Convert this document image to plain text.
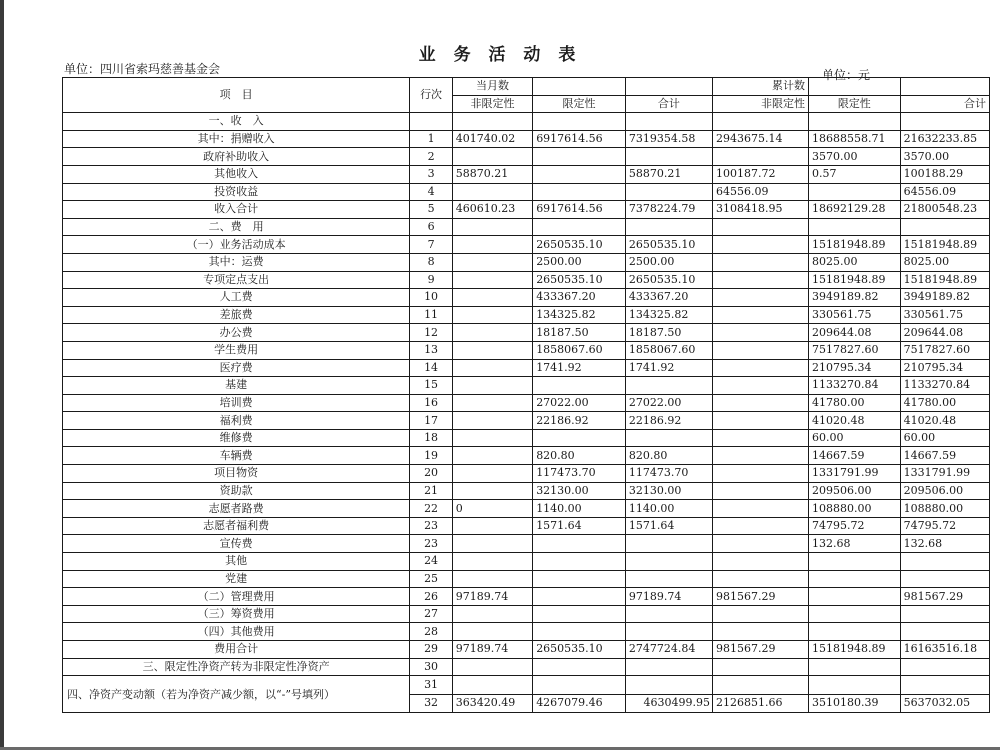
业 务 活 动 表
单位：四川省索玛慈善基金会	单位：元
项　目	行次	当月数			累计数		
		非限定性	限定性	合计	非限定性	限定性	合计
一、收　入							
其中：捐赠收入	1	401740.02	6917614.56	7319354.58	2943675.14	18688558.71	21632233.85
政府补助收入	2					3570.00	3570.00
其他收入	3	58870.21		58870.21	100187.72	0.57	100188.29
投资收益	4				64556.09		64556.09
收入合计	5	460610.23	6917614.56	7378224.79	3108418.95	18692129.28	21800548.23
二、费　用	6						
（一）业务活动成本	7		2650535.10	2650535.10		15181948.89	15181948.89
其中：运费	8		2500.00	2500.00		8025.00	8025.00
专项定点支出	9		2650535.10	2650535.10		15181948.89	15181948.89
人工费	10		433367.20	433367.20		3949189.82	3949189.82
差旅费	11		134325.82	134325.82		330561.75	330561.75
办公费	12		18187.50	18187.50		209644.08	209644.08
学生费用	13		1858067.60	1858067.60		7517827.60	7517827.60
医疗费	14		1741.92	1741.92		210795.34	210795.34
基建	15					1133270.84	1133270.84
培训费	16		27022.00	27022.00		41780.00	41780.00
福利费	17		22186.92	22186.92		41020.48	41020.48
维修费	18					60.00	60.00
车辆费	19		820.80	820.80		14667.59	14667.59
项目物资	20		117473.70	117473.70		1331791.99	1331791.99
资助款	21		32130.00	32130.00		209506.00	209506.00
志愿者路费	22	0	1140.00	1140.00		108880.00	108880.00
志愿者福利费	23		1571.64	1571.64		74795.72	74795.72
宣传费	23					132.68	132.68
其他	24						
党建	25						
（二）管理费用	26	97189.74		97189.74	981567.29		981567.29
（三）筹资费用	27						
（四）其他费用	28						
费用合计	29	97189.74	2650535.10	2747724.84	981567.29	15181948.89	16163516.18
三、限定性净资产转为非限定性净资产	30						
四、净资产变动额（若为净资产减少额，以“-”号填列）	31						
	32	363420.49	4267079.46	4630499.95	2126851.66	3510180.39	5637032.05
